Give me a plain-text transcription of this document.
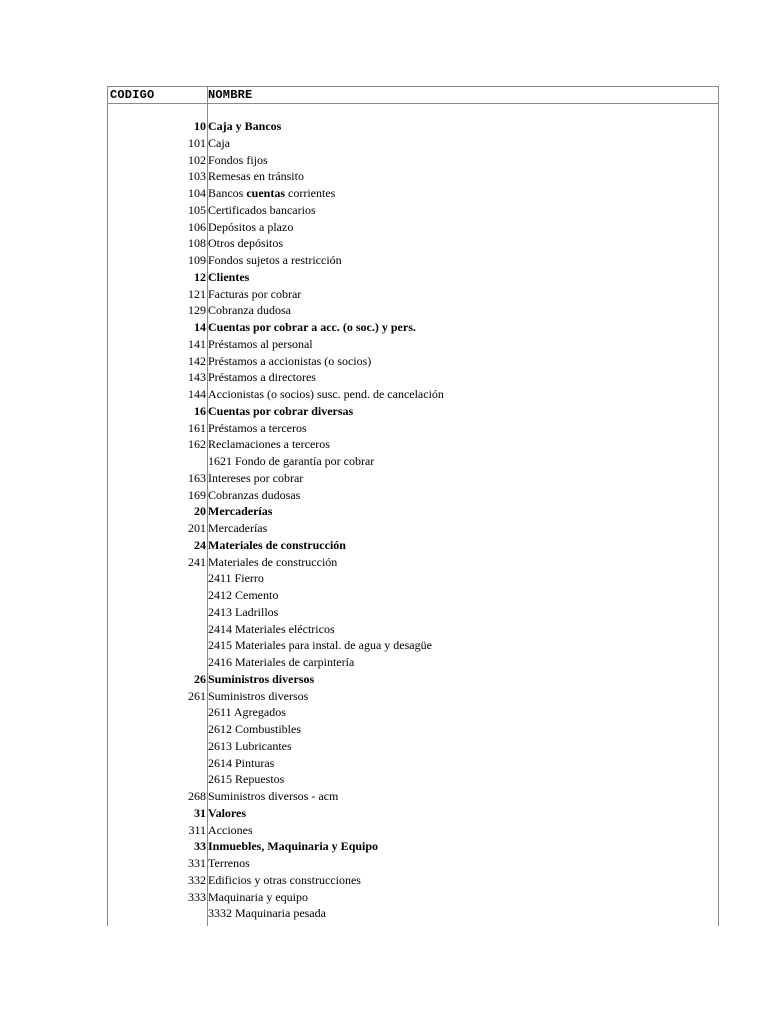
CODIGO	NOMBRE
10 Caja y Bancos
101 Caja
102 Fondos fijos
103 Remesas en tránsito
104 Bancos cuentas corrientes
105 Certificados bancarios
106 Depósitos a plazo
108 Otros depósitos
109 Fondos sujetos a restricción
12 Clientes
121 Facturas por cobrar
129 Cobranza dudosa
14 Cuentas por cobrar a acc. (o soc.) y pers.
141 Préstamos al personal
142 Préstamos a accionistas (o socios)
143 Préstamos a directores
144 Accionistas (o socios) susc. pend. de cancelación
16 Cuentas por cobrar diversas
161 Préstamos a terceros
162 Reclamaciones a terceros
1621 Fondo de garantía por cobrar
163 Intereses por cobrar
169 Cobranzas dudosas
20 Mercaderías
201 Mercaderías
24 Materiales de construcción
241 Materiales de construcción
2411 Fierro
2412 Cemento
2413 Ladrillos
2414 Materiales eléctricos
2415 Materiales para instal. de agua y desagüe
2416 Materiales de carpintería
26 Suministros diversos
261 Suministros diversos
2611 Agregados
2612 Combustibles
2613 Lubricantes
2614 Pinturas
2615 Repuestos
268 Suministros diversos - acm
31 Valores
311 Acciones
33 Inmuebles, Maquinaria y Equipo
331 Terrenos
332 Edificios y otras construcciones
333 Maquinaria y equipo
3332 Maquinaria pesada
